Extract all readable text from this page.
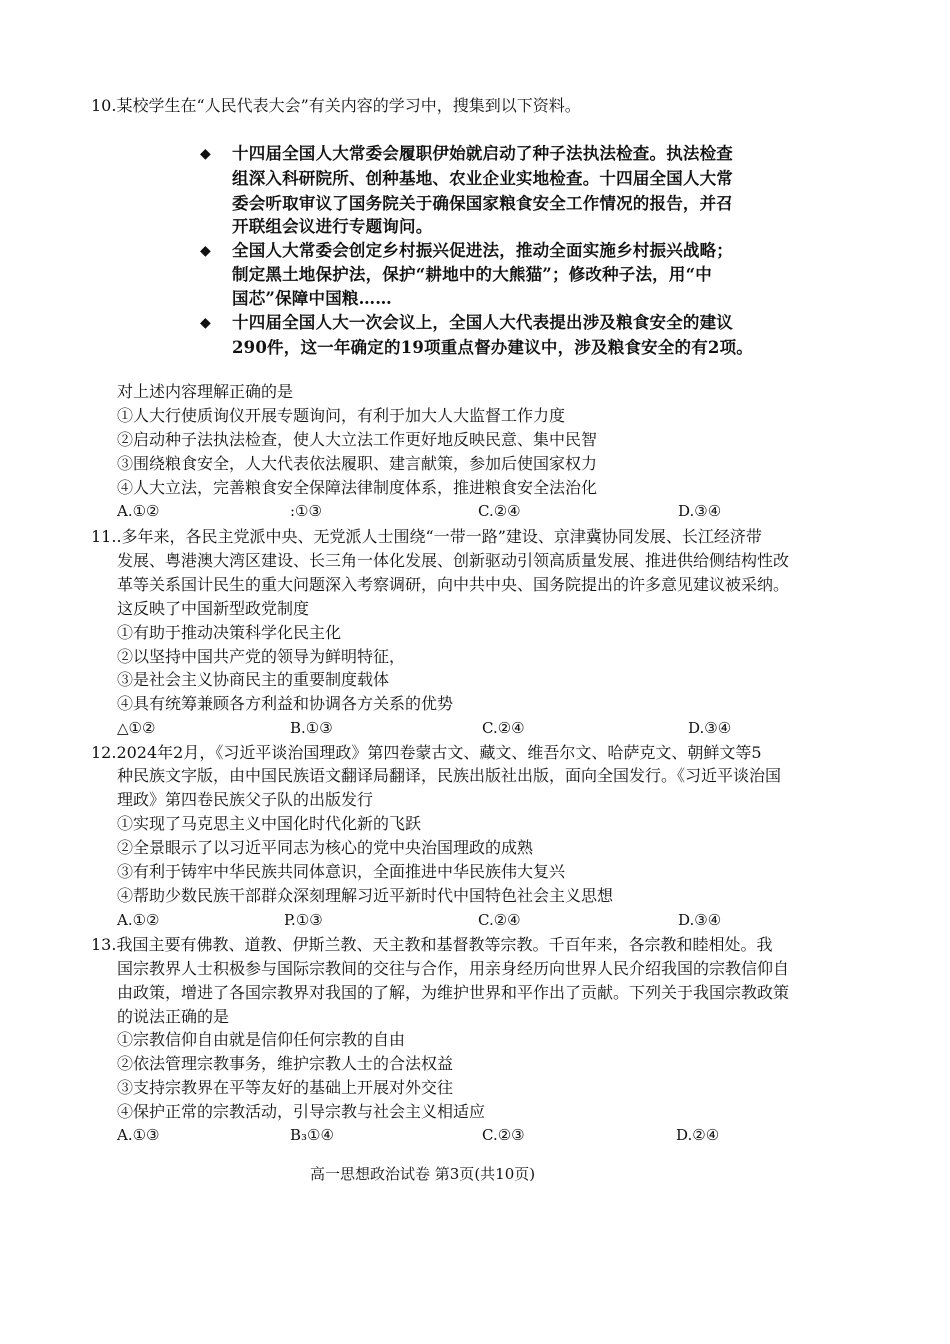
10.某校学生在“人民代表大会”有关内容的学习中，搜集到以下资料。
◆ 十四届全国人大常委会履职伊始就启动了种子法执法检查。执法检查
组深入科研院所、创种基地、农业企业实地检查。十四届全国人大常
委会听取审议了国务院关于确保国家粮食安全工作情况的报告，并召
开联组会议进行专题询问。
◆ 全国人大常委会创定乡村振兴促进法，推动全面实施乡村振兴战略；
制定黑土地保护法，保护“耕地中的大熊猫”；修改种子法，用“中
国芯”保障中国粮……
◆ 十四届全国人大一次会议上，全国人大代表提出涉及粮食安全的建议
290件，这一年确定的19项重点督办建议中，涉及粮食安全的有2项。
对上述内容理解正确的是
①人大行使质询仪开展专题询问，有利于加大人大监督工作力度
②启动种子法执法检查，使人大立法工作更好地反映民意、集中民智
③围绕粮食安全，人大代表依法履职、建言献策，参加后使国家权力
④人大立法，完善粮食安全保障法律制度体系，推进粮食安全法治化
A.①②	:①③	C.②④	D.③④
11..多年来，各民主党派中央、无党派人士围绕“一带一路”建设、京津冀协同发展、长江经济带
发展、粤港澳大湾区建设、长三角一体化发展、创新驱动引领高质量发展、推进供给侧结构性改
革等关系国计民生的重大问题深入考察调研，向中共中央、国务院提出的许多意见建议被采纳。
这反映了中国新型政党制度
①有助于推动决策科学化民主化
②以坚持中国共产党的领导为鲜明特征，
③是社会主义协商民主的重要制度载体
④具有统筹兼顾各方利益和协调各方关系的优势
△①②	B.①③	C.②④	D.③④
12.2024年2月，《习近平谈治国理政》第四卷蒙古文、藏文、维吾尔文、哈萨克文、朝鲜文等5
种民族文字版，由中国民族语文翻译局翻译，民族出版社出版，面向全国发行。《习近平谈治国
理政》第四卷民族父子队的出版发行
①实现了马克思主义中国化时代化新的飞跃
②全景眼示了以习近平同志为核心的党中央治国理政的成熟
③有利于铸牢中华民族共同体意识，全面推进中华民族伟大复兴
④帮助少数民族干部群众深刻理解习近平新时代中国特色社会主义思想
A.①②	P.①③	C.②④	D.③④
13.我国主要有佛教、道教、伊斯兰教、天主教和基督教等宗教。千百年来，各宗教和睦相处。我
国宗教界人士积极参与国际宗教间的交往与合作，用亲身经历向世界人民介绍我国的宗教信仰自
由政策，增进了各国宗教界对我国的了解，为维护世界和平作出了贡献。下列关于我国宗教政策
的说法正确的是
①宗教信仰自由就是信仰任何宗教的自由
②依法管理宗教事务，维护宗教人士的合法权益
③支持宗教界在平等友好的基础上开展对外交往
④保护正常的宗教活动，引导宗教与社会主义相适应
A.①③	B₃①④	C.②③	D.②④
高一思想政治试卷 第3页(共10页)
